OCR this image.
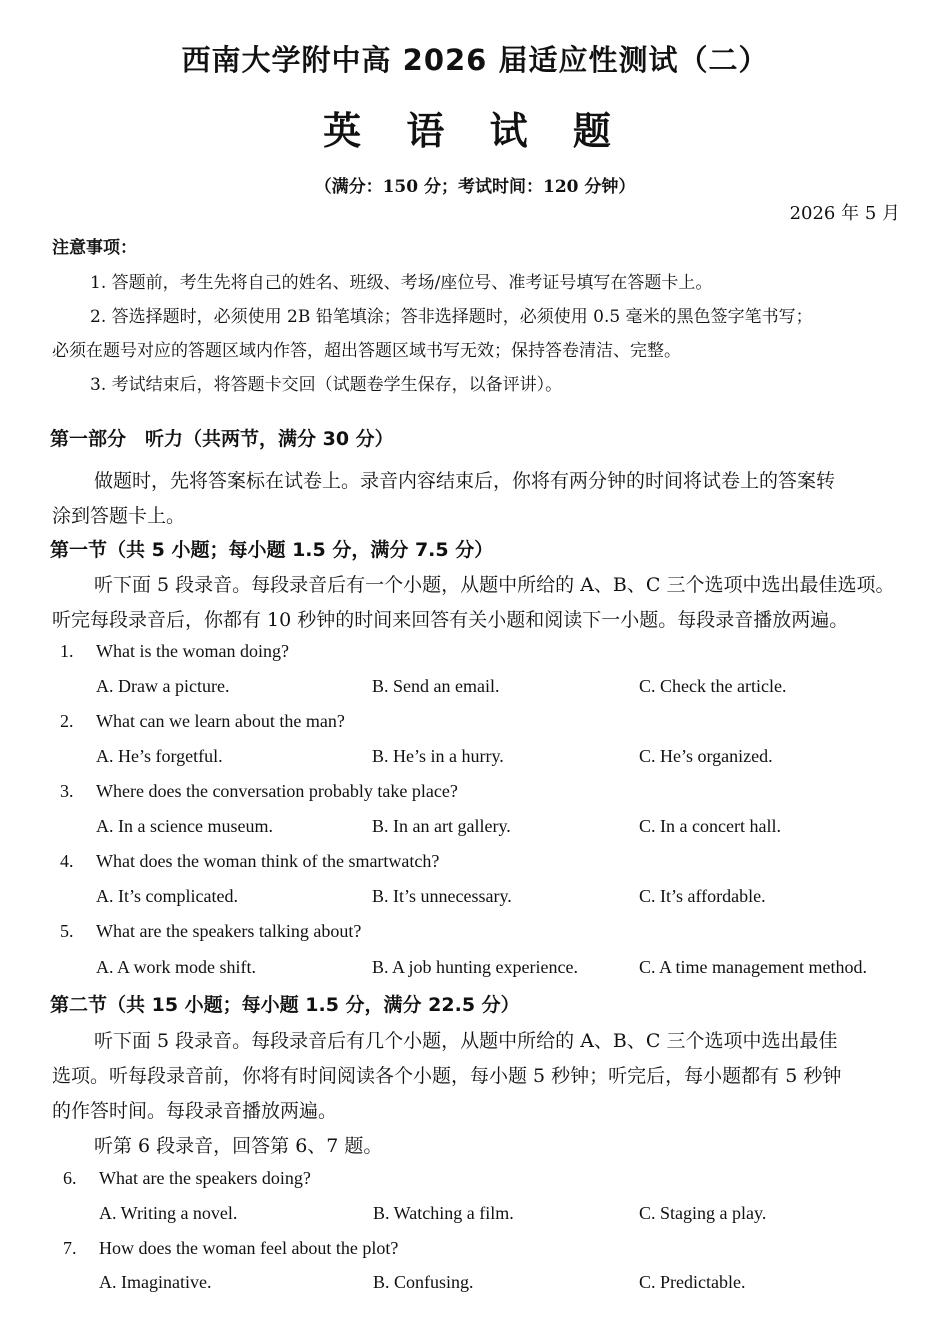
西南大学附中高 2026 届适应性测试（二）
英 语 试 题
（满分：150 分；考试时间：120 分钟）
2026 年 5 月
注意事项：
1. 答题前，考生先将自己的姓名、班级、考场/座位号、准考证号填写在答题卡上。
2. 答选择题时，必须使用 2B 铅笔填涂；答非选择题时，必须使用 0.5 毫米的黑色签字笔书写；
必须在题号对应的答题区域内作答，超出答题区域书写无效；保持答卷清洁、完整。
3. 考试结束后，将答题卡交回（试题卷学生保存，以备评讲）。
第一部分　听力（共两节，满分 30 分）
做题时，先将答案标在试卷上。录音内容结束后，你将有两分钟的时间将试卷上的答案转
涂到答题卡上。
第一节（共 5 小题；每小题 1.5 分，满分 7.5 分）
听下面 5 段录音。每段录音后有一个小题，从题中所给的 A、B、C 三个选项中选出最佳选项。
听完每段录音后，你都有 10 秒钟的时间来回答有关小题和阅读下一小题。每段录音播放两遍。
1. What is the woman doing?
A. Draw a picture.	B. Send an email.	C. Check the article.
2. What can we learn about the man?
A. He’s forgetful.	B. He’s in a hurry.	C. He’s organized.
3. Where does the conversation probably take place?
A. In a science museum.	B. In an art gallery.	C. In a concert hall.
4. What does the woman think of the smartwatch?
A. It’s complicated.	B. It’s unnecessary.	C. It’s affordable.
5. What are the speakers talking about?
A. A work mode shift.	B. A job hunting experience.	C. A time management method.
第二节（共 15 小题；每小题 1.5 分，满分 22.5 分）
听下面 5 段录音。每段录音后有几个小题，从题中所给的 A、B、C 三个选项中选出最佳
选项。听每段录音前，你将有时间阅读各个小题，每小题 5 秒钟；听完后，每小题都有 5 秒钟
的作答时间。每段录音播放两遍。
听第 6 段录音，回答第 6、7 题。
6. What are the speakers doing?
A. Writing a novel.	B. Watching a film.	C. Staging a play.
7. How does the woman feel about the plot?
A. Imaginative.	B. Confusing.	C. Predictable.
